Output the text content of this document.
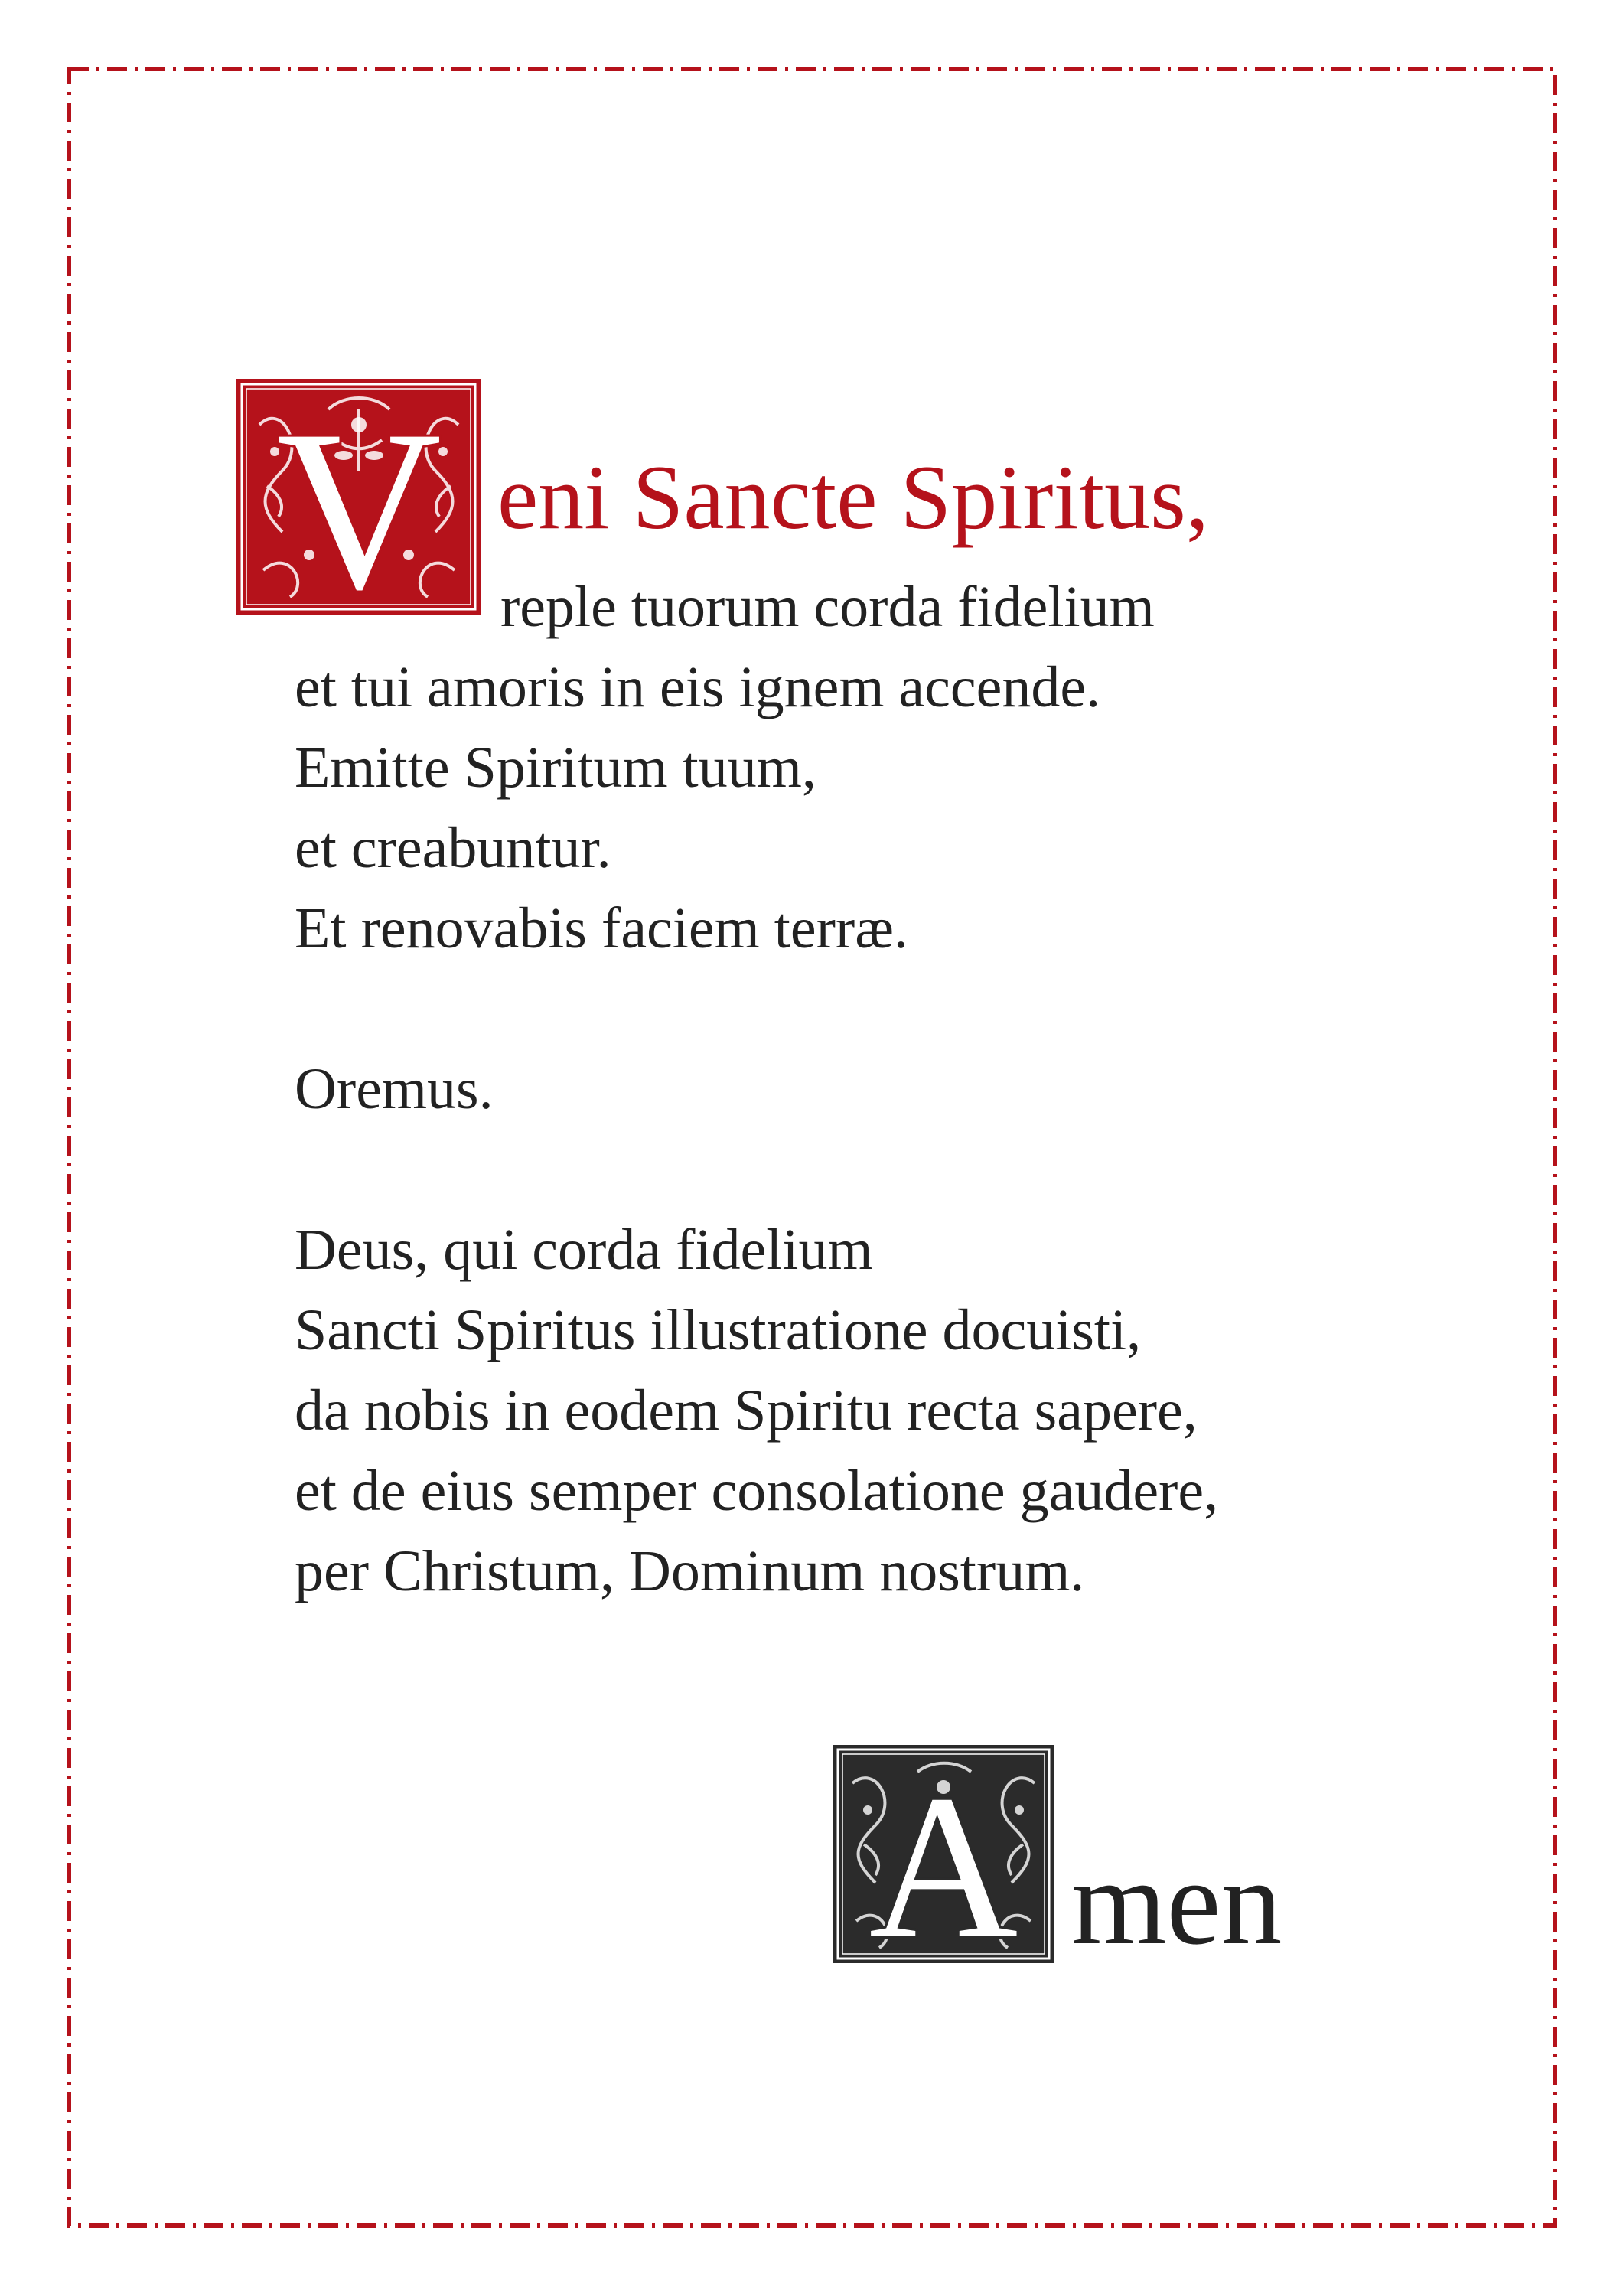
V eni Sancte Spiritus,

reple tuorum corda fidelium

et tui amoris in eis ignem accende.

Emitte Spiritum tuum,

et creabuntur.

Et renovabis faciem terræ.

Oremus.

Deus, qui corda fidelium

Sancti Spiritus illustratione docuisti,

da nobis in eodem Spiritu recta sapere,

et de eius semper consolatione gaudere,

per Christum, Dominum nostrum.

A men
